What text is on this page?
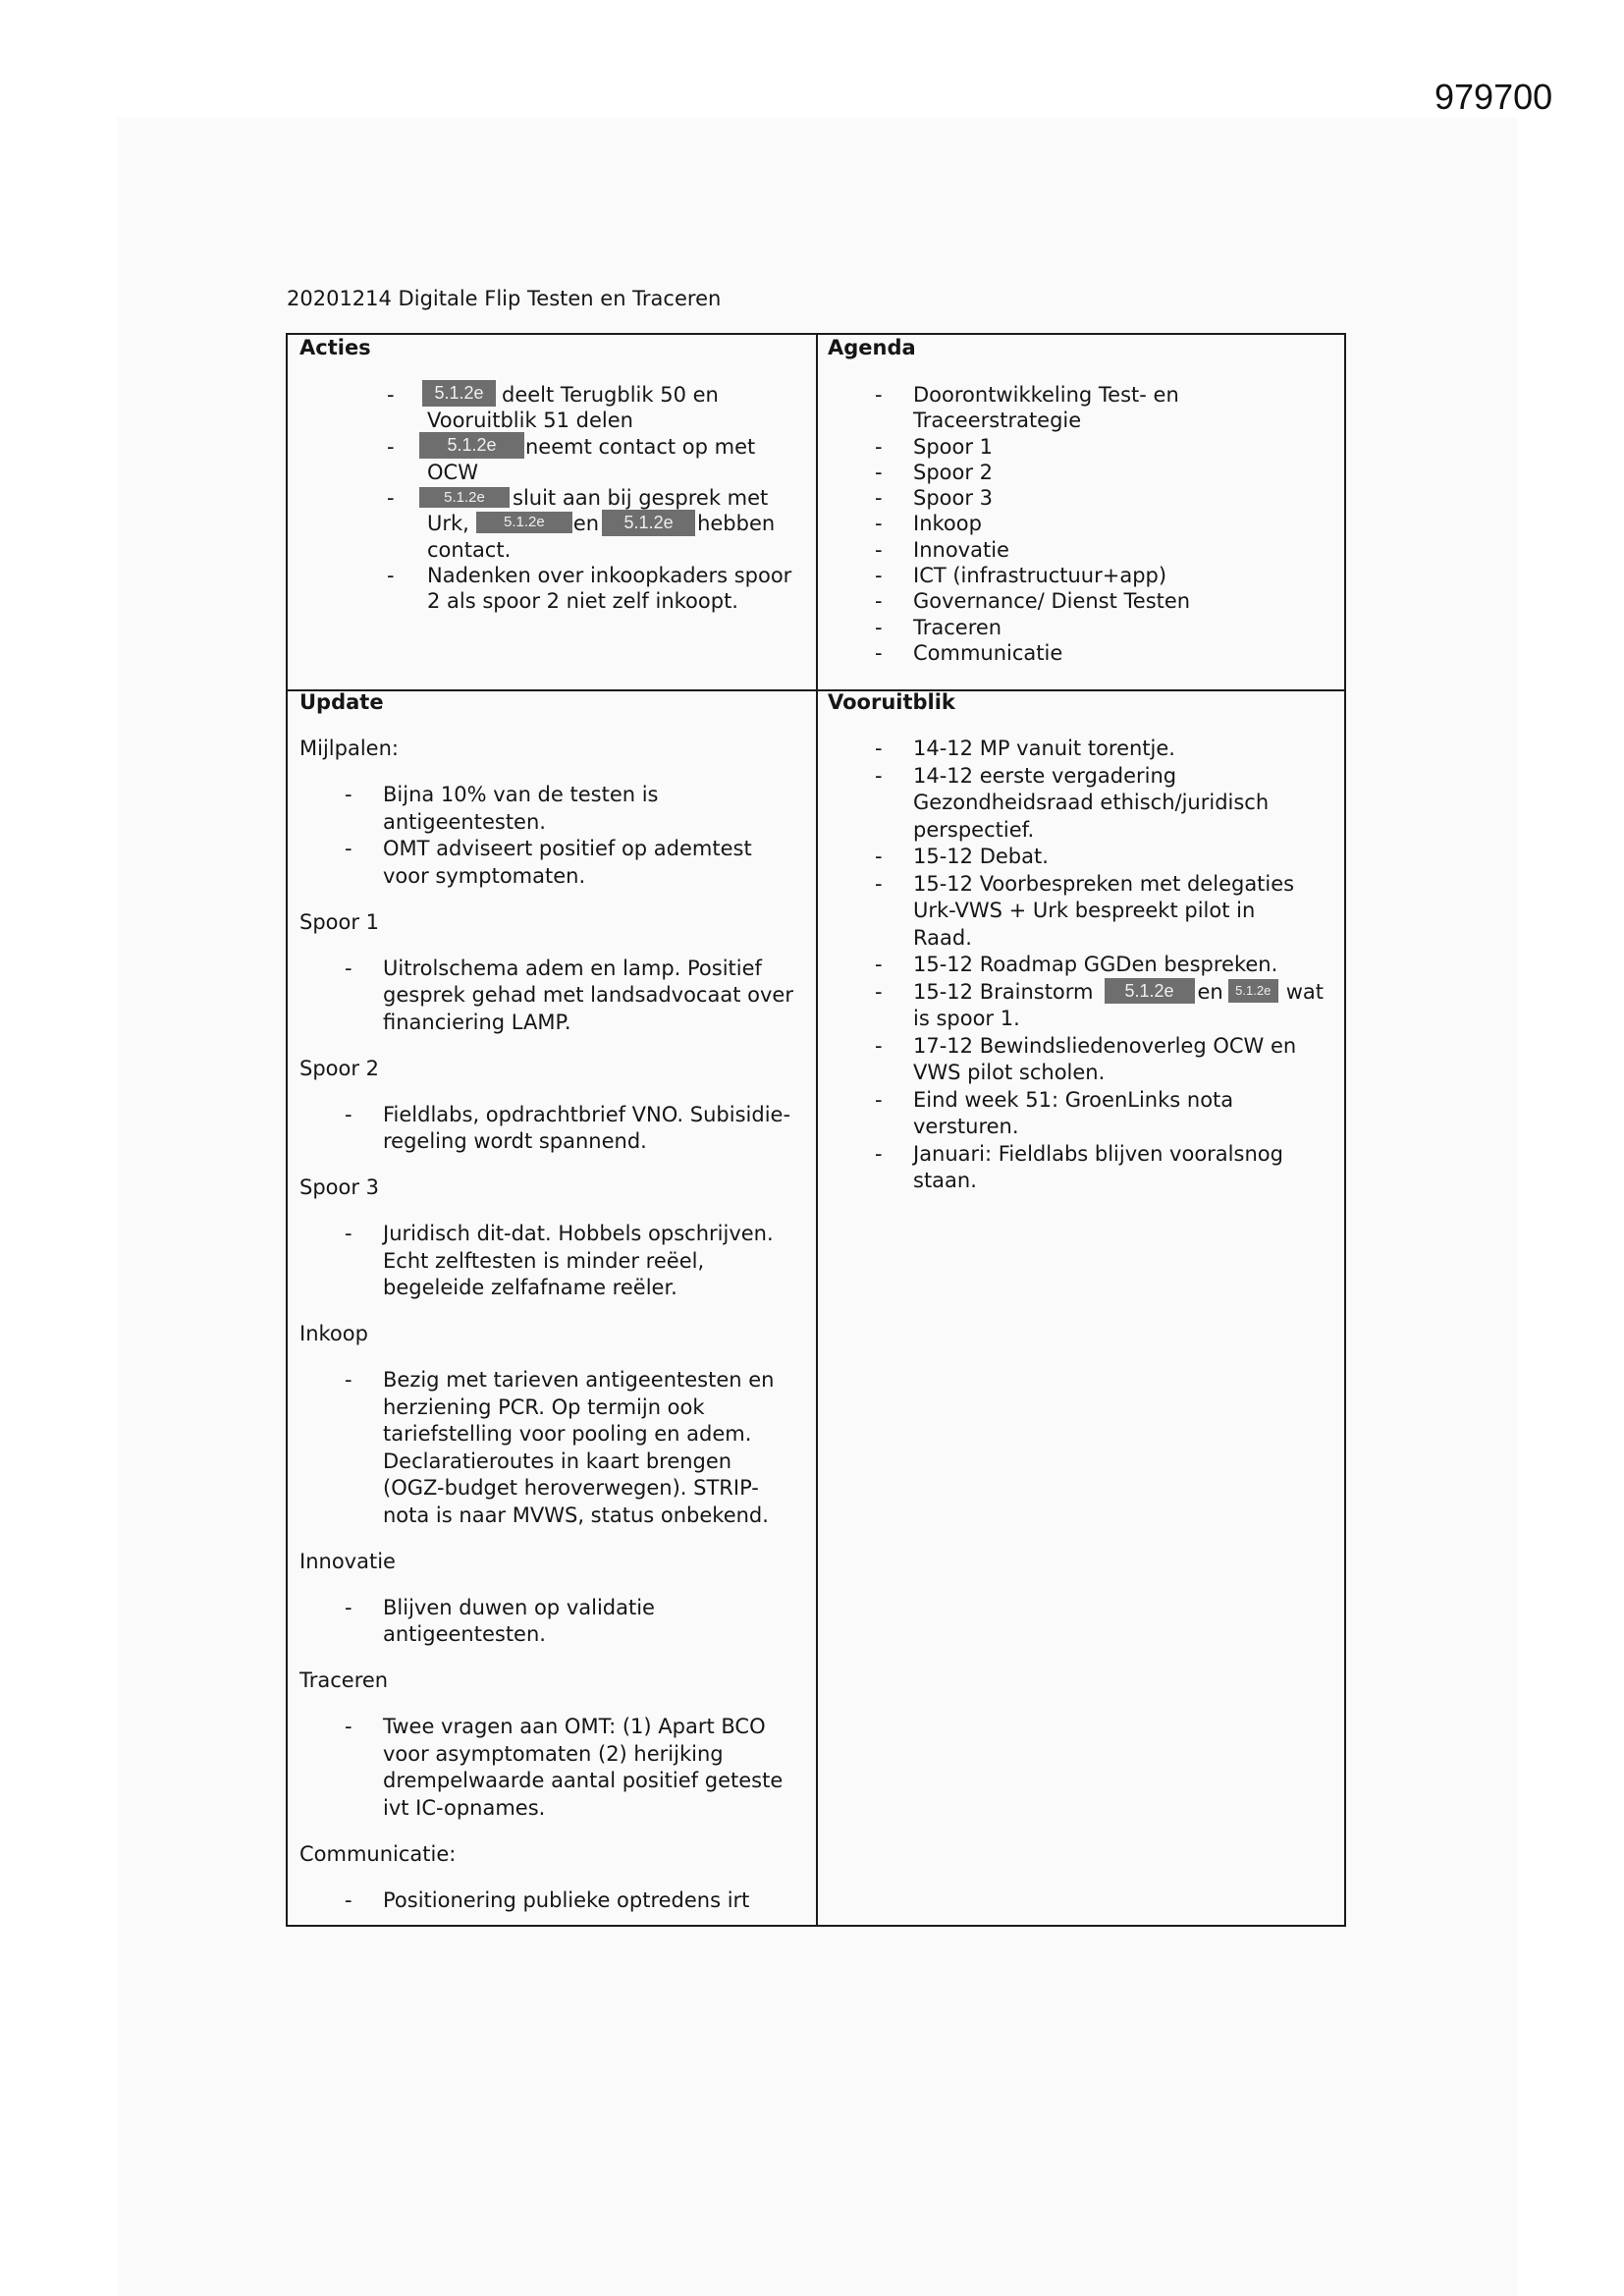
979700
20201214 Digitale Flip Testen en Traceren
Acties
-	5.1.2e deelt Terugblik 50 en
Vooruitblik 51 delen
-	5.1.2e neemt contact op met
OCW
-	5.1.2e sluit aan bij gesprek met
Urk, 5.1.2e en 5.1.2e hebben
contact.
- Nadenken over inkoopkaders spoor
2 als spoor 2 niet zelf inkoopt.
Agenda
- Doorontwikkeling Test- en
Traceerstrategie
- Spoor 1
- Spoor 2
- Spoor 3
- Inkoop
- Innovatie
- ICT (infrastructuur+app)
- Governance/ Dienst Testen
- Traceren
- Communicatie
Update
Mijlpalen:
- Bijna 10% van de testen is
antigeentesten.
- OMT adviseert positief op ademtest
voor symptomaten.
Spoor 1
- Uitrolschema adem en lamp. Positief
gesprek gehad met landsadvocaat over
financiering LAMP.
Spoor 2
- Fieldlabs, opdrachtbrief VNO. Subisidie-
regeling wordt spannend.
Spoor 3
- Juridisch dit-dat. Hobbels opschrijven.
Echt zelftesten is minder reëel,
begeleide zelfafname reëler.
Inkoop
- Bezig met tarieven antigeentesten en
herziening PCR. Op termijn ook
tariefstelling voor pooling en adem.
Declaratieroutes in kaart brengen
(OGZ-budget heroverwegen). STRIP-
nota is naar MVWS, status onbekend.
Innovatie
- Blijven duwen op validatie
antigeentesten.
Traceren
- Twee vragen aan OMT: (1) Apart BCO
voor asymptomaten (2) herijking
drempelwaarde aantal positief geteste
ivt IC-opnames.
Communicatie:
- Positionering publieke optredens irt
Vooruitblik
- 14-12 MP vanuit torentje.
- 14-12 eerste vergadering
Gezondheidsraad ethisch/juridisch
perspectief.
- 15-12 Debat.
- 15-12 Voorbespreken met delegaties
Urk-VWS + Urk bespreekt pilot in
Raad.
- 15-12 Roadmap GGDen bespreken.
- 15-12 Brainstorm 5.1.2e en 5.1.2e wat
is spoor 1.
- 17-12 Bewindsliedenoverleg OCW en
VWS pilot scholen.
- Eind week 51: GroenLinks nota
versturen.
- Januari: Fieldlabs blijven vooralsnog
staan.
